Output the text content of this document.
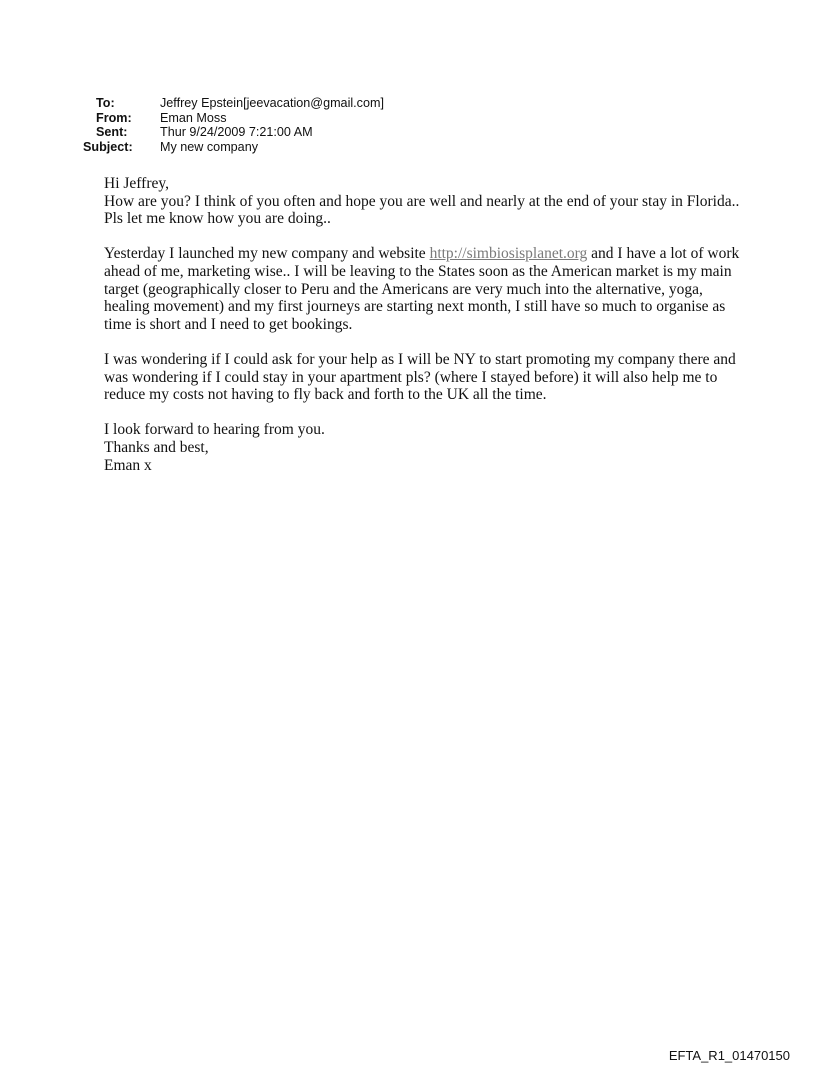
To:	Jeffrey Epstein[jeevacation@gmail.com]
From:	Eman Moss
Sent:	Thur 9/24/2009 7:21:00 AM
Subject:	My new company

Hi Jeffrey,
How are you? I think of you often and hope you are well and nearly at the end of your stay in Florida.. Pls let me know how you are doing..

Yesterday I launched my new company and website http://simbiosisplanet.org and I have a lot of work ahead of me, marketing wise.. I will be leaving to the States soon as the American market is my main target (geographically closer to Peru and the Americans are very much into the alternative, yoga, healing movement) and my first journeys are starting next month, I still have so much to organise as time is short and I need to get bookings.

I was wondering if I could ask for your help as I will be NY to start promoting my company there and was wondering if I could stay in your apartment pls? (where I stayed before) it will also help me to reduce my costs not having to fly back and forth to the UK all the time.

I look forward to hearing from you.
Thanks and best,
Eman x

EFTA_R1_01470150
